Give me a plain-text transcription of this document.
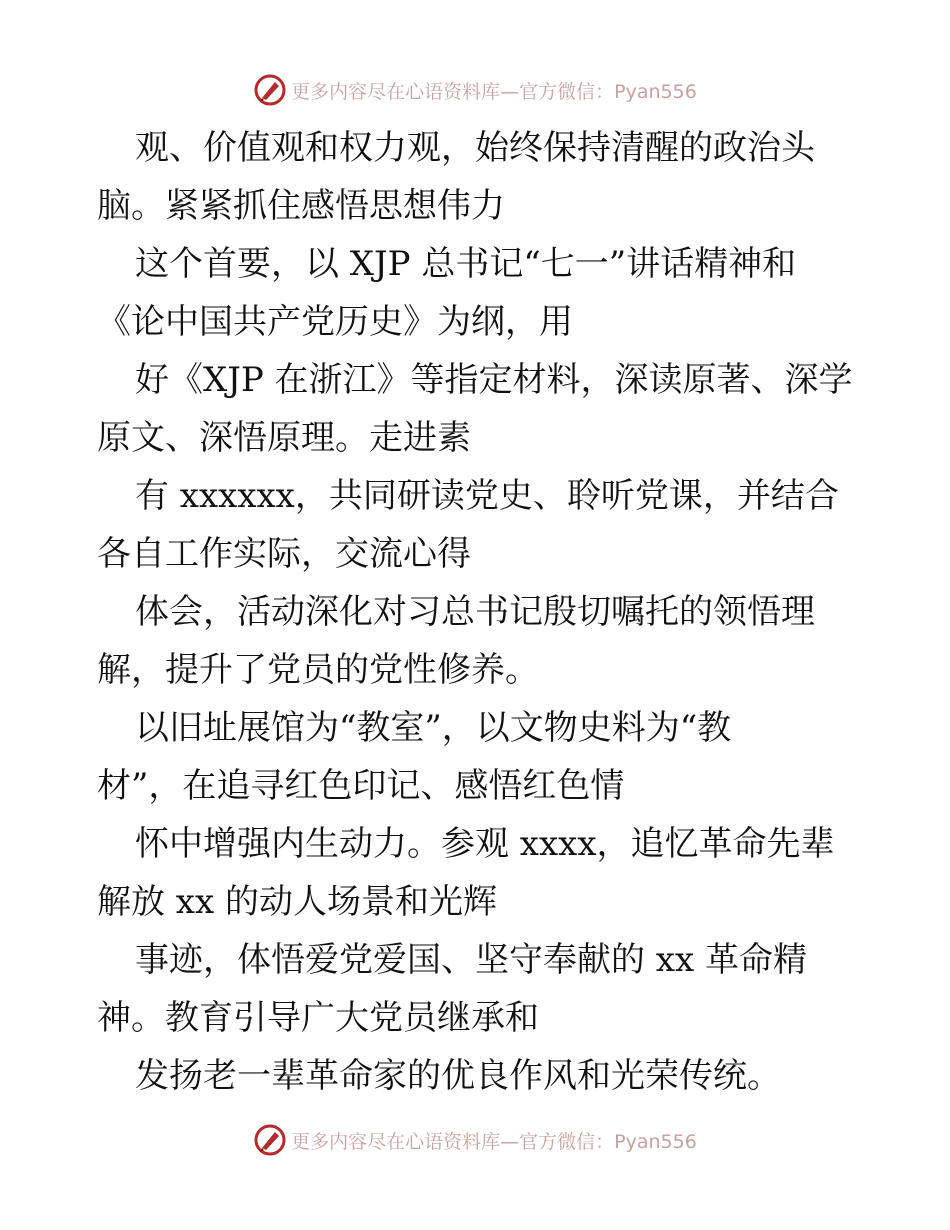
更多内容尽在心语资料库—官方微信：Pyan556
观、价值观和权力观，始终保持清醒的政治头
脑。紧紧抓住感悟思想伟力
这个首要，以 XJP 总书记“七一”讲话精神和
《论中国共产党历史》为纲，用
好《XJP 在浙江》等指定材料，深读原著、深学
原文、深悟原理。走进素
有 xxxxxx，共同研读党史、聆听党课，并结合
各自工作实际，交流心得
体会，活动深化对习总书记殷切嘱托的领悟理
解，提升了党员的党性修养。
以旧址展馆为“教室”，以文物史料为“教
材”，在追寻红色印记、感悟红色情
怀中增强内生动力。参观 xxxx，追忆革命先辈
解放 xx 的动人场景和光辉
事迹，体悟爱党爱国、坚守奉献的 xx 革命精
神。教育引导广大党员继承和
发扬老一辈革命家的优良作风和光荣传统。
更多内容尽在心语资料库—官方微信：Pyan556
